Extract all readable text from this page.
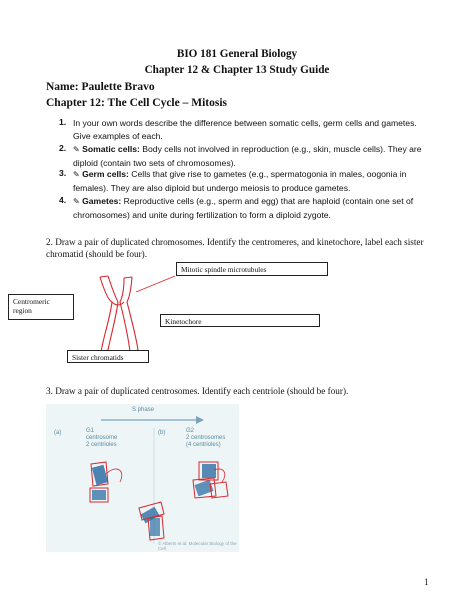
BIO 181 General Biology
Chapter 12 & Chapter 13 Study Guide
Name: Paulette Bravo
Chapter 12: The Cell Cycle – Mitosis
1. In your own words describe the difference between somatic cells, germ cells and gametes. Give examples of each.
2. ✎ Somatic cells: Body cells not involved in reproduction (e.g., skin, muscle cells). They are diploid (contain two sets of chromosomes).
3. ✎ Germ cells: Cells that give rise to gametes (e.g., spermatogonia in males, oogonia in females). They are also diploid but undergo meiosis to produce gametes.
4. ✎ Gametes: Reproductive cells (e.g., sperm and egg) that are haploid (contain one set of chromosomes) and unite during fertilization to form a diploid zygote.
2. Draw a pair of duplicated chromosomes. Identify the centromeres, and kinetochore, label each sister chromatid (should be four).
Mitotic spindle microtubules
Centromeric region
Kinetochore
Sister chromatids
3. Draw a pair of duplicated centrosomes. Identify each centriole (should be four).
S phase
(a)	(b)
G1
centrosome
2 centrioles
G2
2 centrosomes
(4 centrioles)
© Alberts et al. Molecular Biology of the Cell
1
